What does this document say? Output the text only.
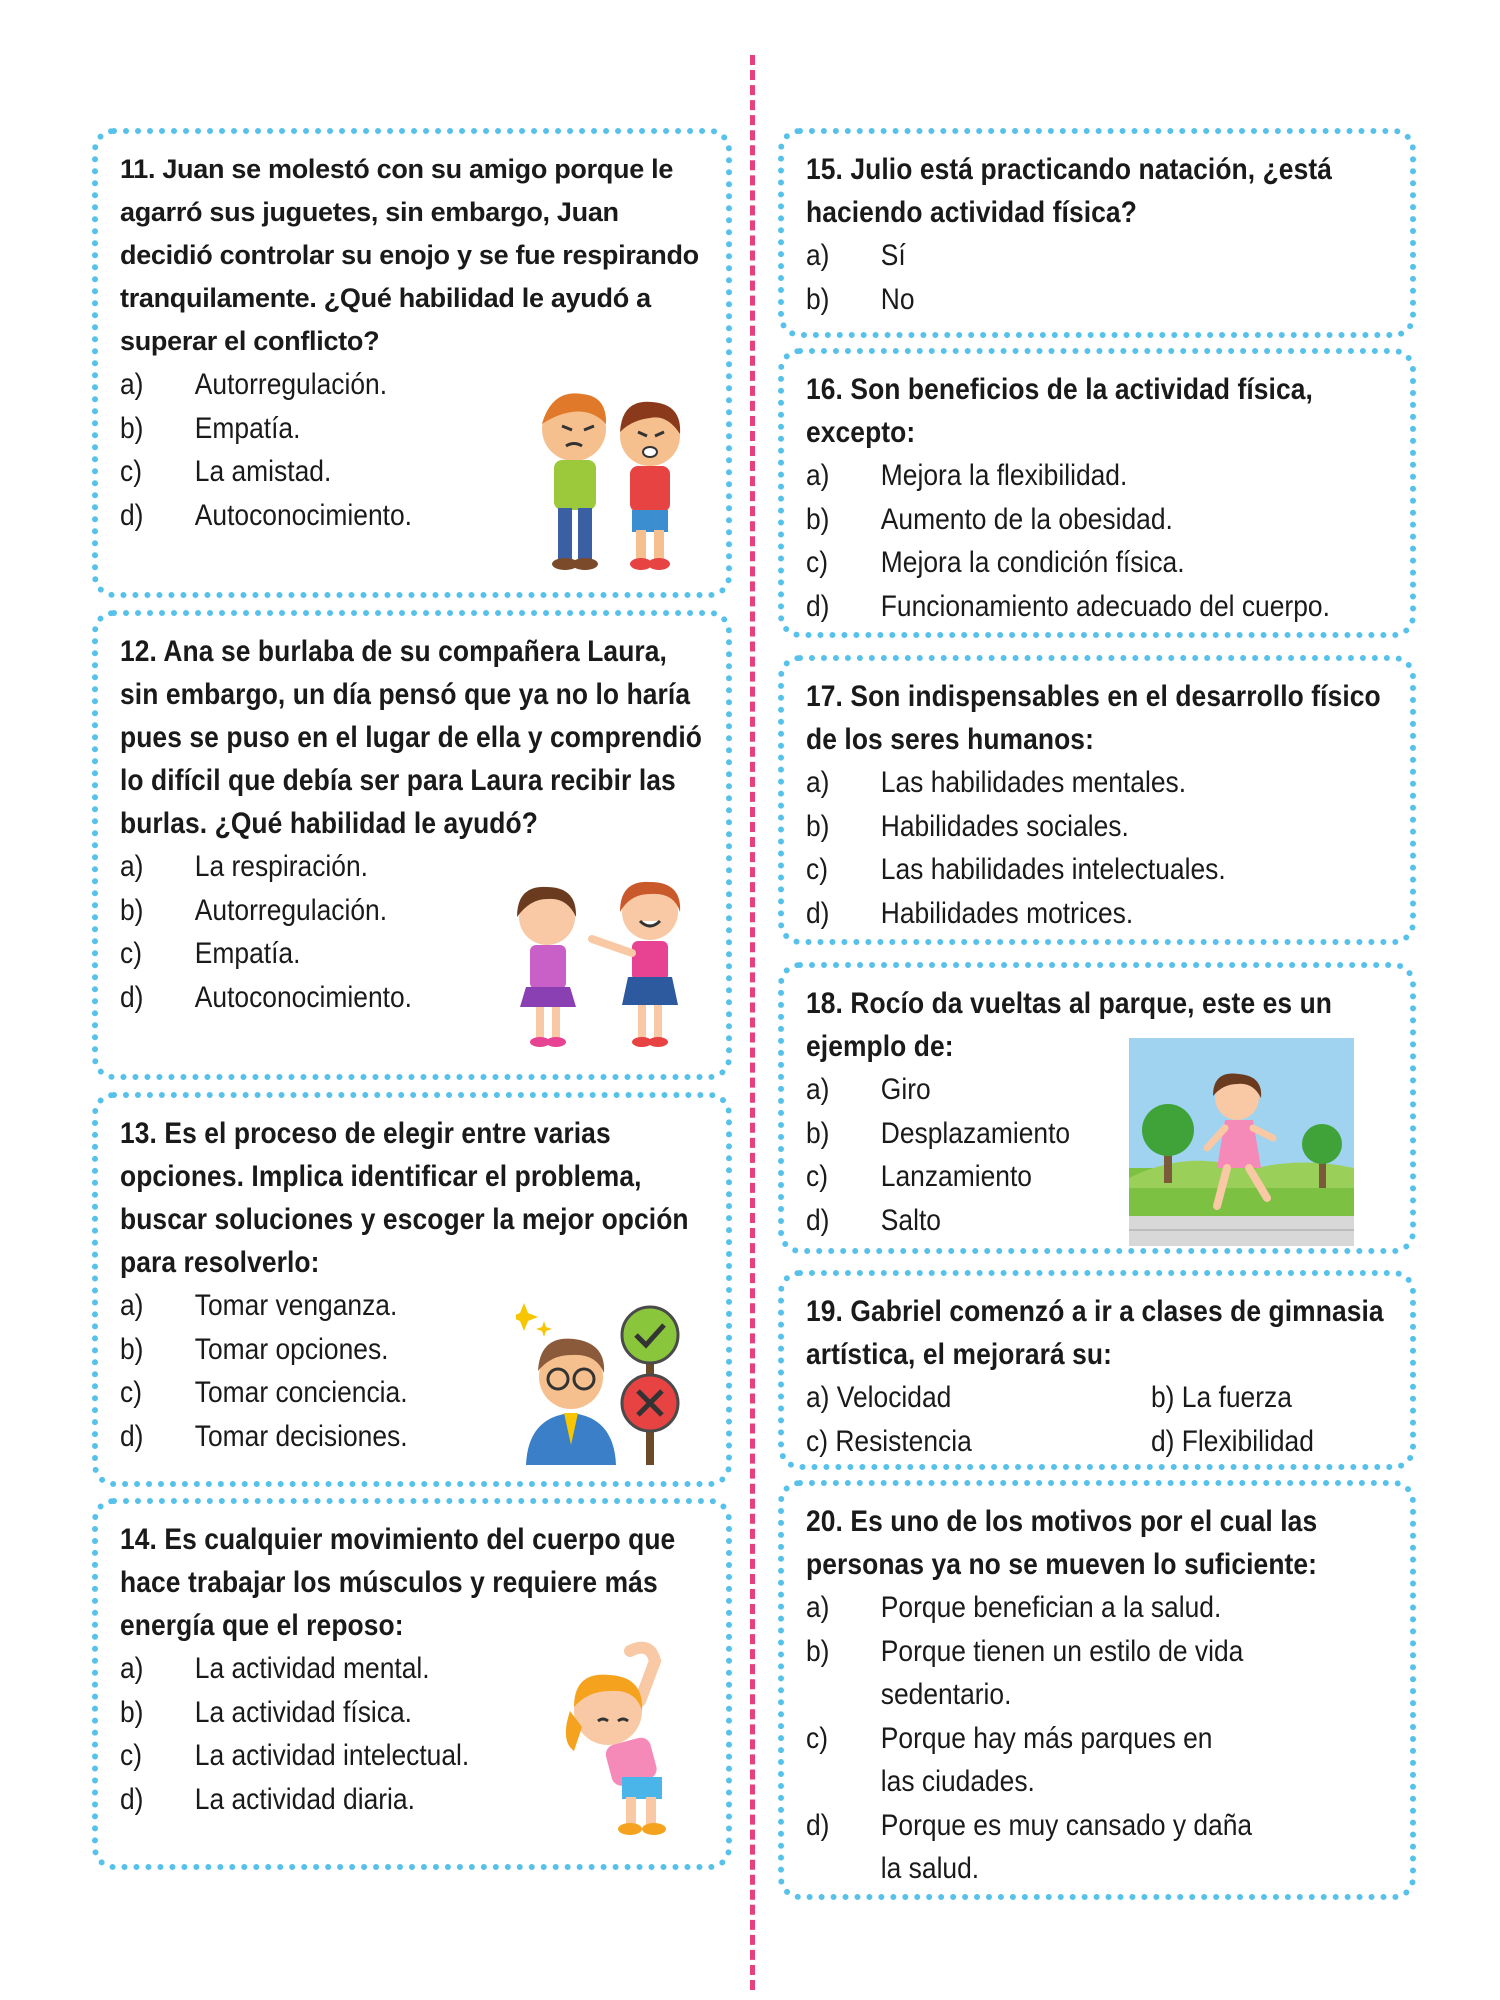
11. Juan se molestó con su amigo porque le agarró sus juguetes, sin embargo, Juan decidió controlar su enojo y se fue respirando tranquilamente. ¿Qué habilidad le ayudó a superar el conflicto?
a)	Autorregulación.
b)	Empatía.
c)	La amistad.
d)	Autoconocimiento.
12. Ana se burlaba de su compañera Laura, sin embargo, un día pensó que ya no lo haría pues se puso en el lugar de ella y comprendió lo difícil que debía ser para Laura recibir las burlas. ¿Qué habilidad le ayudó?
a)	La respiración.
b)	Autorregulación.
c)	Empatía.
d)	Autoconocimiento.
13. Es el proceso de elegir entre varias opciones. Implica identificar el problema, buscar soluciones y escoger la mejor opción para resolverlo:
a)	Tomar venganza.
b)	Tomar opciones.
c)	Tomar conciencia.
d)	Tomar decisiones.
14. Es cualquier movimiento del cuerpo que hace trabajar los músculos y requiere más energía que el reposo:
a)	La actividad mental.
b)	La actividad física.
c)	La actividad intelectual.
d)	La actividad diaria.
15. Julio está practicando natación, ¿está haciendo actividad física?
a)	Sí
b)	No
16. Son beneficios de la actividad física, excepto:
a)	Mejora la flexibilidad.
b)	Aumento de la obesidad.
c)	Mejora la condición física.
d)	Funcionamiento adecuado del cuerpo.
17. Son indispensables en el desarrollo físico de los seres humanos:
a)	Las habilidades mentales.
b)	Habilidades sociales.
c)	Las habilidades intelectuales.
d)	Habilidades motrices.
18. Rocío da vueltas al parque, este es un ejemplo de:
a)	Giro
b)	Desplazamiento
c)	Lanzamiento
d)	Salto
19. Gabriel comenzó a ir a clases de gimnasia artística, el mejorará su:
a) Velocidad	b) La fuerza
c) Resistencia	d) Flexibilidad
20. Es uno de los motivos por el cual las personas ya no se mueven lo suficiente:
a)	Porque benefician a la salud.
b)	Porque tienen un estilo de vida sedentario.
c)	Porque hay más parques en las ciudades.
d)	Porque es muy cansado y daña la salud.
